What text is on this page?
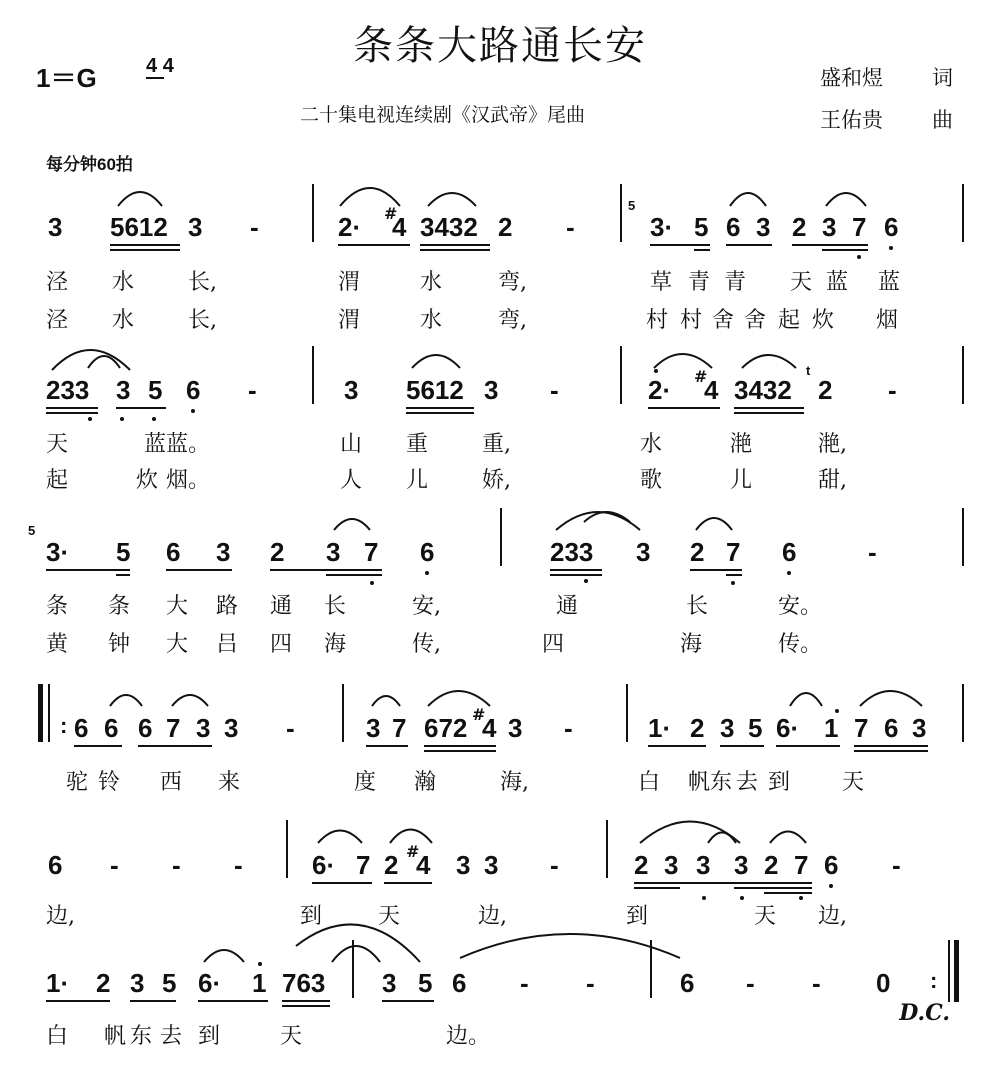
条条大路通长安
二十集电视连续剧《汉武帝》尾曲
1＝G 4 4	盛和煜 词
王佑贵 曲
每分钟60拍
3 5612 3 -	2· #
4 3432 2 -
5
3· 5 6 3 2 3 7 6
泾 水 长,	渭	水	弯,	草 青 青 天 蓝 蓝
泾 水 长,	渭	水	弯,	村 村 舍 舍 起 炊 烟
233 3 5 6 -	3 5612 3 -	2· #
4 3432 2 -
t
天	蓝 蓝。	山 重 重,	水	滟	滟,
起	炊 烟。	人 儿 娇,	歌	儿	甜,
5
3· 5 6 3 2 3 7 6	233 3 2 7 6	-
条 条 大 路 通 长	安,	通	长	安。
黄 钟 大 吕 四 海	传,	四	海	传。
: 6 6 6 7 3 3 -	3 7 672 #
4 3 -	1· 2 3 5 6· 1 7 6 3
驼 铃 西 来	度 瀚	海,	白 帆 东 去 到 天
6 - - -	6· 7 2 #
4 3 3 -	2 3 3 3 2 7 6 -
边,	到	天	边,	到	天 边,
1· 2 3 5 6· 1 763 3 5 6 - -	6 - - 0 :
白 帆 东 去 到	天	边。
D.C.
